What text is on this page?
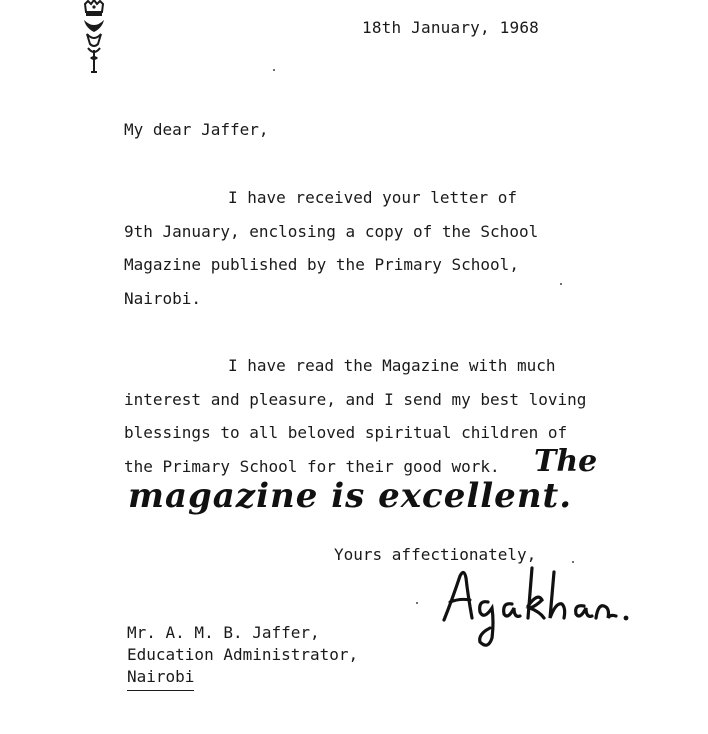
18th January, 1968
My dear Jaffer,
I have received your letter of
9th January, enclosing a copy of the School
Magazine published by the Primary School,
Nairobi.
I have read the Magazine with much
interest and pleasure, and I send my best loving
blessings to all beloved spiritual children of
the Primary School for their good work.	The
magazine is excellent.
Yours affectionately,
Mr. A. M. B. Jaffer,
Education Administrator,
Nairobi
